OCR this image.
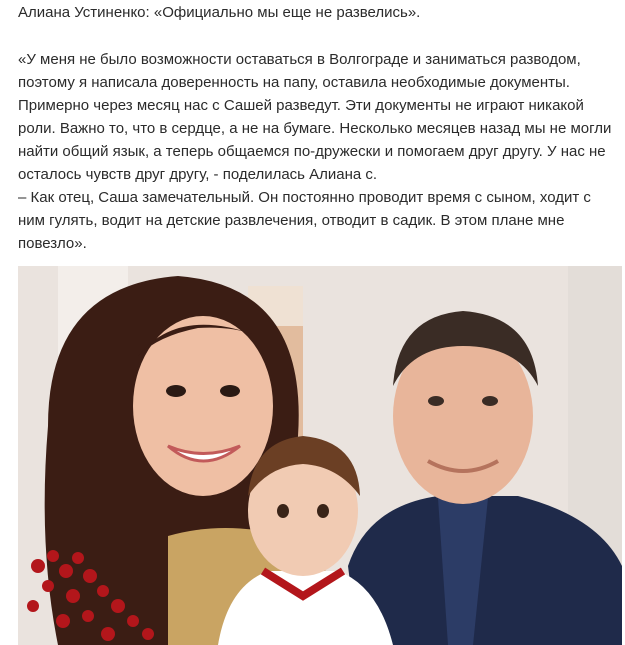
Алиана Устиненко: «Официально мы еще не развелись».

«У меня не было возможности оставаться в Волгограде и заниматься разводом,
поэтому я написала доверенность на папу, оставила необходимые документы.
Примерно через месяц нас с Сашей разведут. Эти документы не играют никакой
роли. Важно то, что в сердце, а не на бумаге. Несколько месяцев назад мы не могли
найти общий язык, а теперь общаемся по-дружески и помогаем друг другу. У нас не
осталось чувств друг другу, - поделилась Алиана с.
– Как отец, Саша замечательный. Он постоянно проводит время с сыном, ходит с
ним гулять, водит на детские развлечения, отводит в садик. В этом плане мне
повезло».
